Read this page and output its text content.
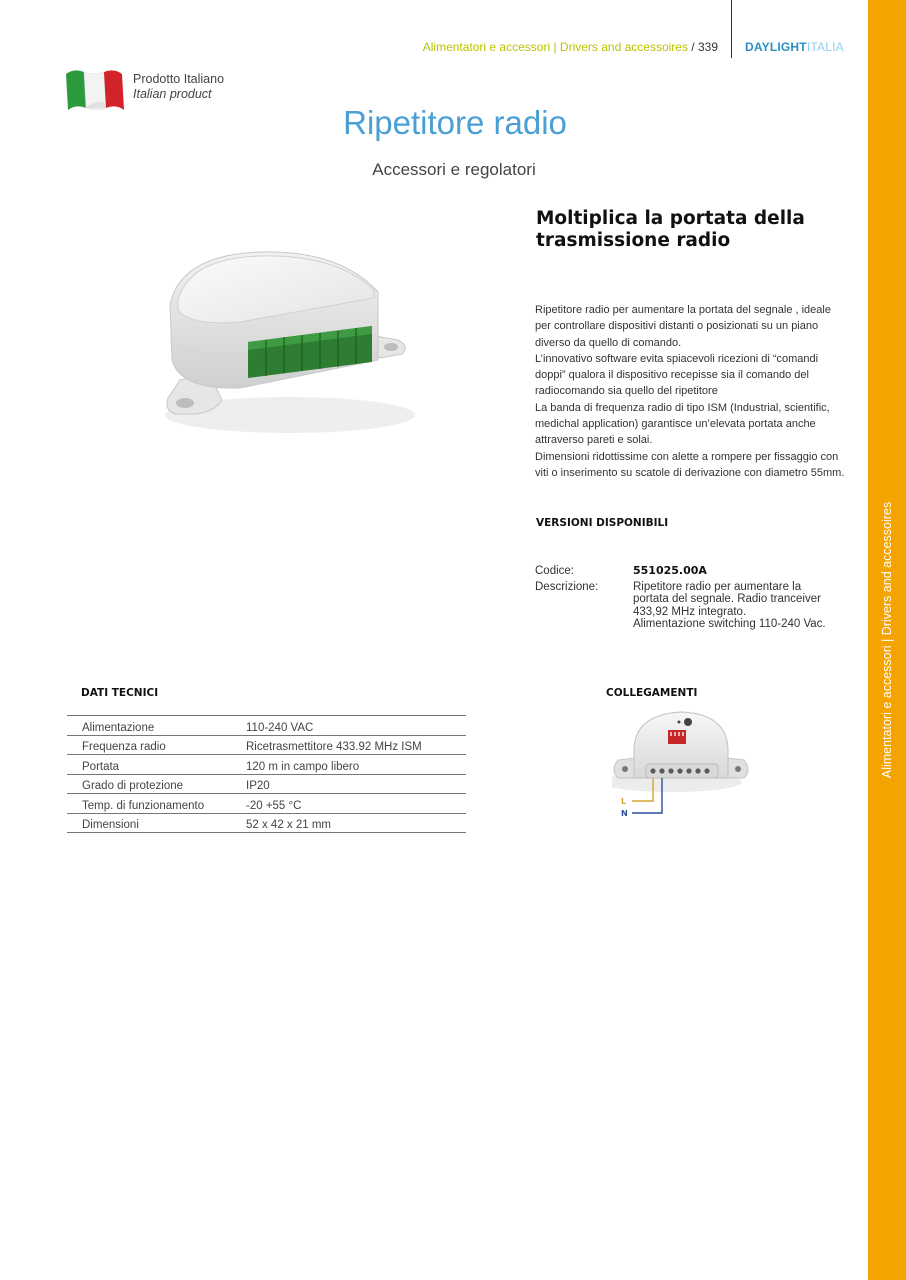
Alimentatori e accessori | Drivers and accessoires / 339 DAYLIGHTITALIA
Alimentatori e accessori | Drivers and accessoires
Prodotto Italiano
Italian product
Ripetitore radio
Accessori e regolatori
Moltiplica la portata della trasmissione radio

Ripetitore radio per aumentare la portata del segnale , ideale per controllare dispositivi distanti o posizionati su un piano diverso da quello di comando.

L’innovativo software evita spiacevoli ricezioni di “comandi doppi” qualora il dispositivo recepisse sia il comando del radiocomando sia quello del ripetitore

La banda di frequenza radio di tipo ISM (Industrial, scientific, medichal application) garantisce un’elevata portata anche attraverso pareti e solai.

Dimensioni ridottissime con alette a rompere per fissaggio con viti o inserimento su scatole di derivazione con diametro 55mm.

VERSIONI DISPONIBILI
Codice:	551025.00A
Descrizione:	Ripetitore radio per aumentare la
portata del segnale. Radio tranceiver
433,92 MHz integrato.
Alimentazione switching 110-240 Vac.
DATI TECNICI
Alimentazione	110-240 VAC
Frequenza radio	Ricetrasmettitore 433.92 MHz ISM
Portata	120 m in campo libero
Grado di protezione	IP20
Temp. di funzionamento	-20 +55 °C
Dimensioni	52 x 42 x 21 mm
COLLEGAMENTI
L
N
